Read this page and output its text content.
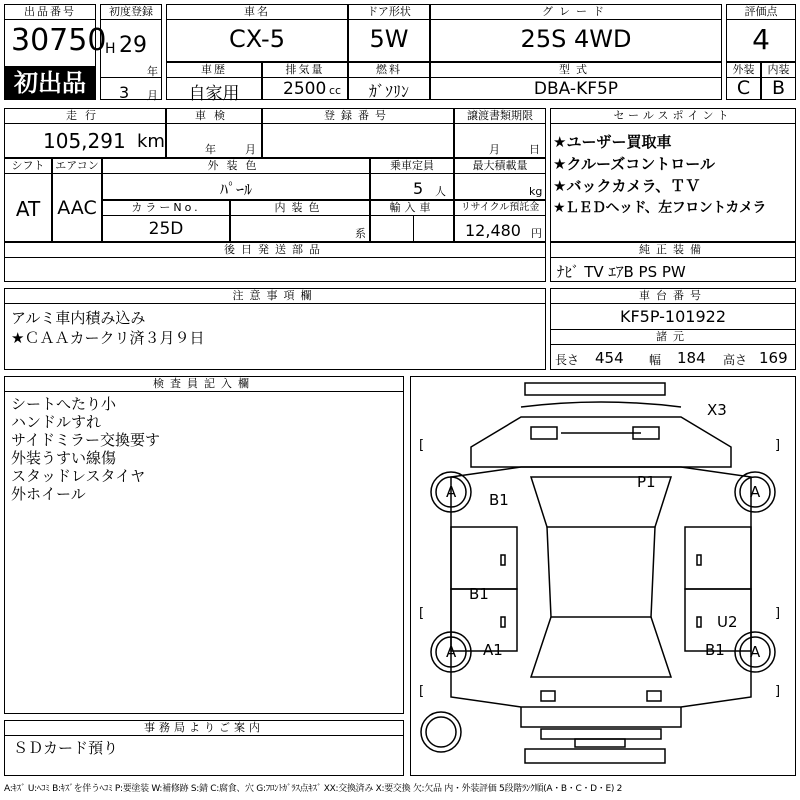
出品番号
30750
初出品
初度登録
H 29
年
3 月
車名
CX-5
ドア形状
5W
グレード
25S 4WD
評価点
4
車歴
自家用
排気量
2500 cc
燃料
ｶﾞｿﾘﾝ
型式
DBA-KF5P
外装
C
内装
B
走行
105,291 km
車検
年	月
登録番号	譲渡書類期限
月	日
シフト
AT
エアコン
AAC
外装色
ﾊﾟｰﾙ
乗車定員
5 人
最大積載量
kg
カラーNo.
25D
内装色
系
輸入車	リサイクル預託金
12,480 円
後日発送部品
セールスポイント
★ユーザー買取車
★クルーズコントロール
★バックカメラ、ＴＶ
★ＬＥＤヘッド、左フロントカメラ
純正装備
ﾅﾋﾞ TV ｴｱB PS PW
注意事項欄
アルミ車内積み込み
★ＣＡＡカークリ済３月９日
車台番号
KF5P-101922
諸元
長さ 454 幅 184 高さ 169
検査員記入欄
シートへたり小
ハンドルすれ
サイドミラー交換要す
外装うすい線傷
スタッドレスタイヤ
外ホイール
事務局よりご案内
ＳＤカード預り
[	]
[	]
[	]
X3
P1
B1
B1
U2
A1	B1
A	A
A	A
A:ｷｽﾞ U:ﾍｺﾐ B:ｷｽﾞを伴うﾍｺﾐ P:要塗装 W:補修跡 S:錆 C:腐食、穴 G:ﾌﾛﾝﾄｶﾞﾗｽ点ｷｽﾞ XX:交換済み X:要交換 欠:欠品 内・外装評価 5段階ﾗﾝｸ順(A・B・C・D・E) 2
